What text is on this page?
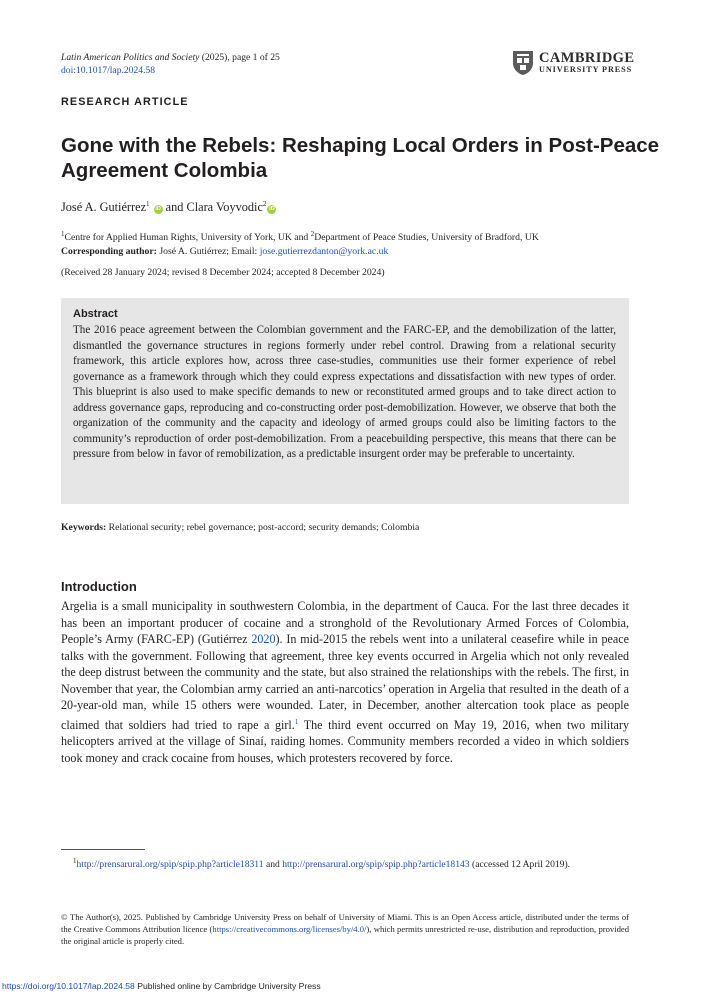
Latin American Politics and Society (2025), page 1 of 25
doi:10.1017/lap.2024.58
CAMBRIDGE
UNIVERSITY PRESS
RESEARCH ARTICLE
Gone with the Rebels: Reshaping Local Orders in Post-Peace Agreement Colombia
José A. Gutiérrez$^1$ iD and Clara Voyvodic$^2$iD
$^1$Centre for Applied Human Rights, University of York, UK and $^2$Department of Peace Studies, University of Bradford, UK
Corresponding author: José A. Gutiérrez; Email: jose.gutierrezdanton@york.ac.uk
(Received 28 January 2024; revised 8 December 2024; accepted 8 December 2024)
Abstract

The 2016 peace agreement between the Colombian government and the FARC-EP, and the demobilization of the latter, dismantled the governance structures in regions formerly under rebel control. Drawing from a relational security framework, this article explores how, across three case-studies, communities use their former experience of rebel governance as a framework through which they could express expectations and dissatisfaction with new types of order. This blueprint is also used to make specific demands to new or reconstituted armed groups and to take direct action to address governance gaps, reproducing and co-constructing order post-demobilization. However, we observe that both the organization of the community and the capacity and ideology of armed groups could also be limiting factors to the community’s reproduction of order post-demobilization. From a peacebuilding perspective, this means that there can be pressure from below in favor of remobilization, as a predictable insurgent order may be preferable to uncertainty.

Keywords: Relational security; rebel governance; post-accord; security demands; Colombia
Introduction

Argelia is a small municipality in southwestern Colombia, in the department of Cauca. For the last three decades it has been an important producer of cocaine and a stronghold of the Revolutionary Armed Forces of Colombia, People’s Army (FARC-EP) (Gutiérrez 2020). In mid-2015 the rebels went into a unilateral ceasefire while in peace talks with the government. Following that agreement, three key events occurred in Argelia which not only revealed the deep distrust between the community and the state, but also strained the relationships with the rebels. The first, in November that year, the Colombian army carried an anti-narcotics’ operation in Argelia that resulted in the death of a 20-year-old man, while 15 others were wounded. Later, in December, another altercation took place as people claimed that soldiers had tried to rape a girl.$^1$ The third event occurred on May 19, 2016, when two military helicopters arrived at the village of Sinaí, raiding homes. Community members recorded a video in which soldiers took money and crack cocaine from houses, which protesters recovered by force.

$^1$http://prensarural.org/spip/spip.php?article18311 and http://prensarural.org/spip/spip.php?article18143 (accessed 12 April 2019).

© The Author(s), 2025. Published by Cambridge University Press on behalf of University of Miami. This is an Open Access article, distributed under the terms of the Creative Commons Attribution licence (https://creativecommons.org/licenses/by/4.0/), which permits unrestricted re-use, distribution and reproduction, provided the original article is properly cited.

https://doi.org/10.1017/lap.2024.58 Published online by Cambridge University Press
